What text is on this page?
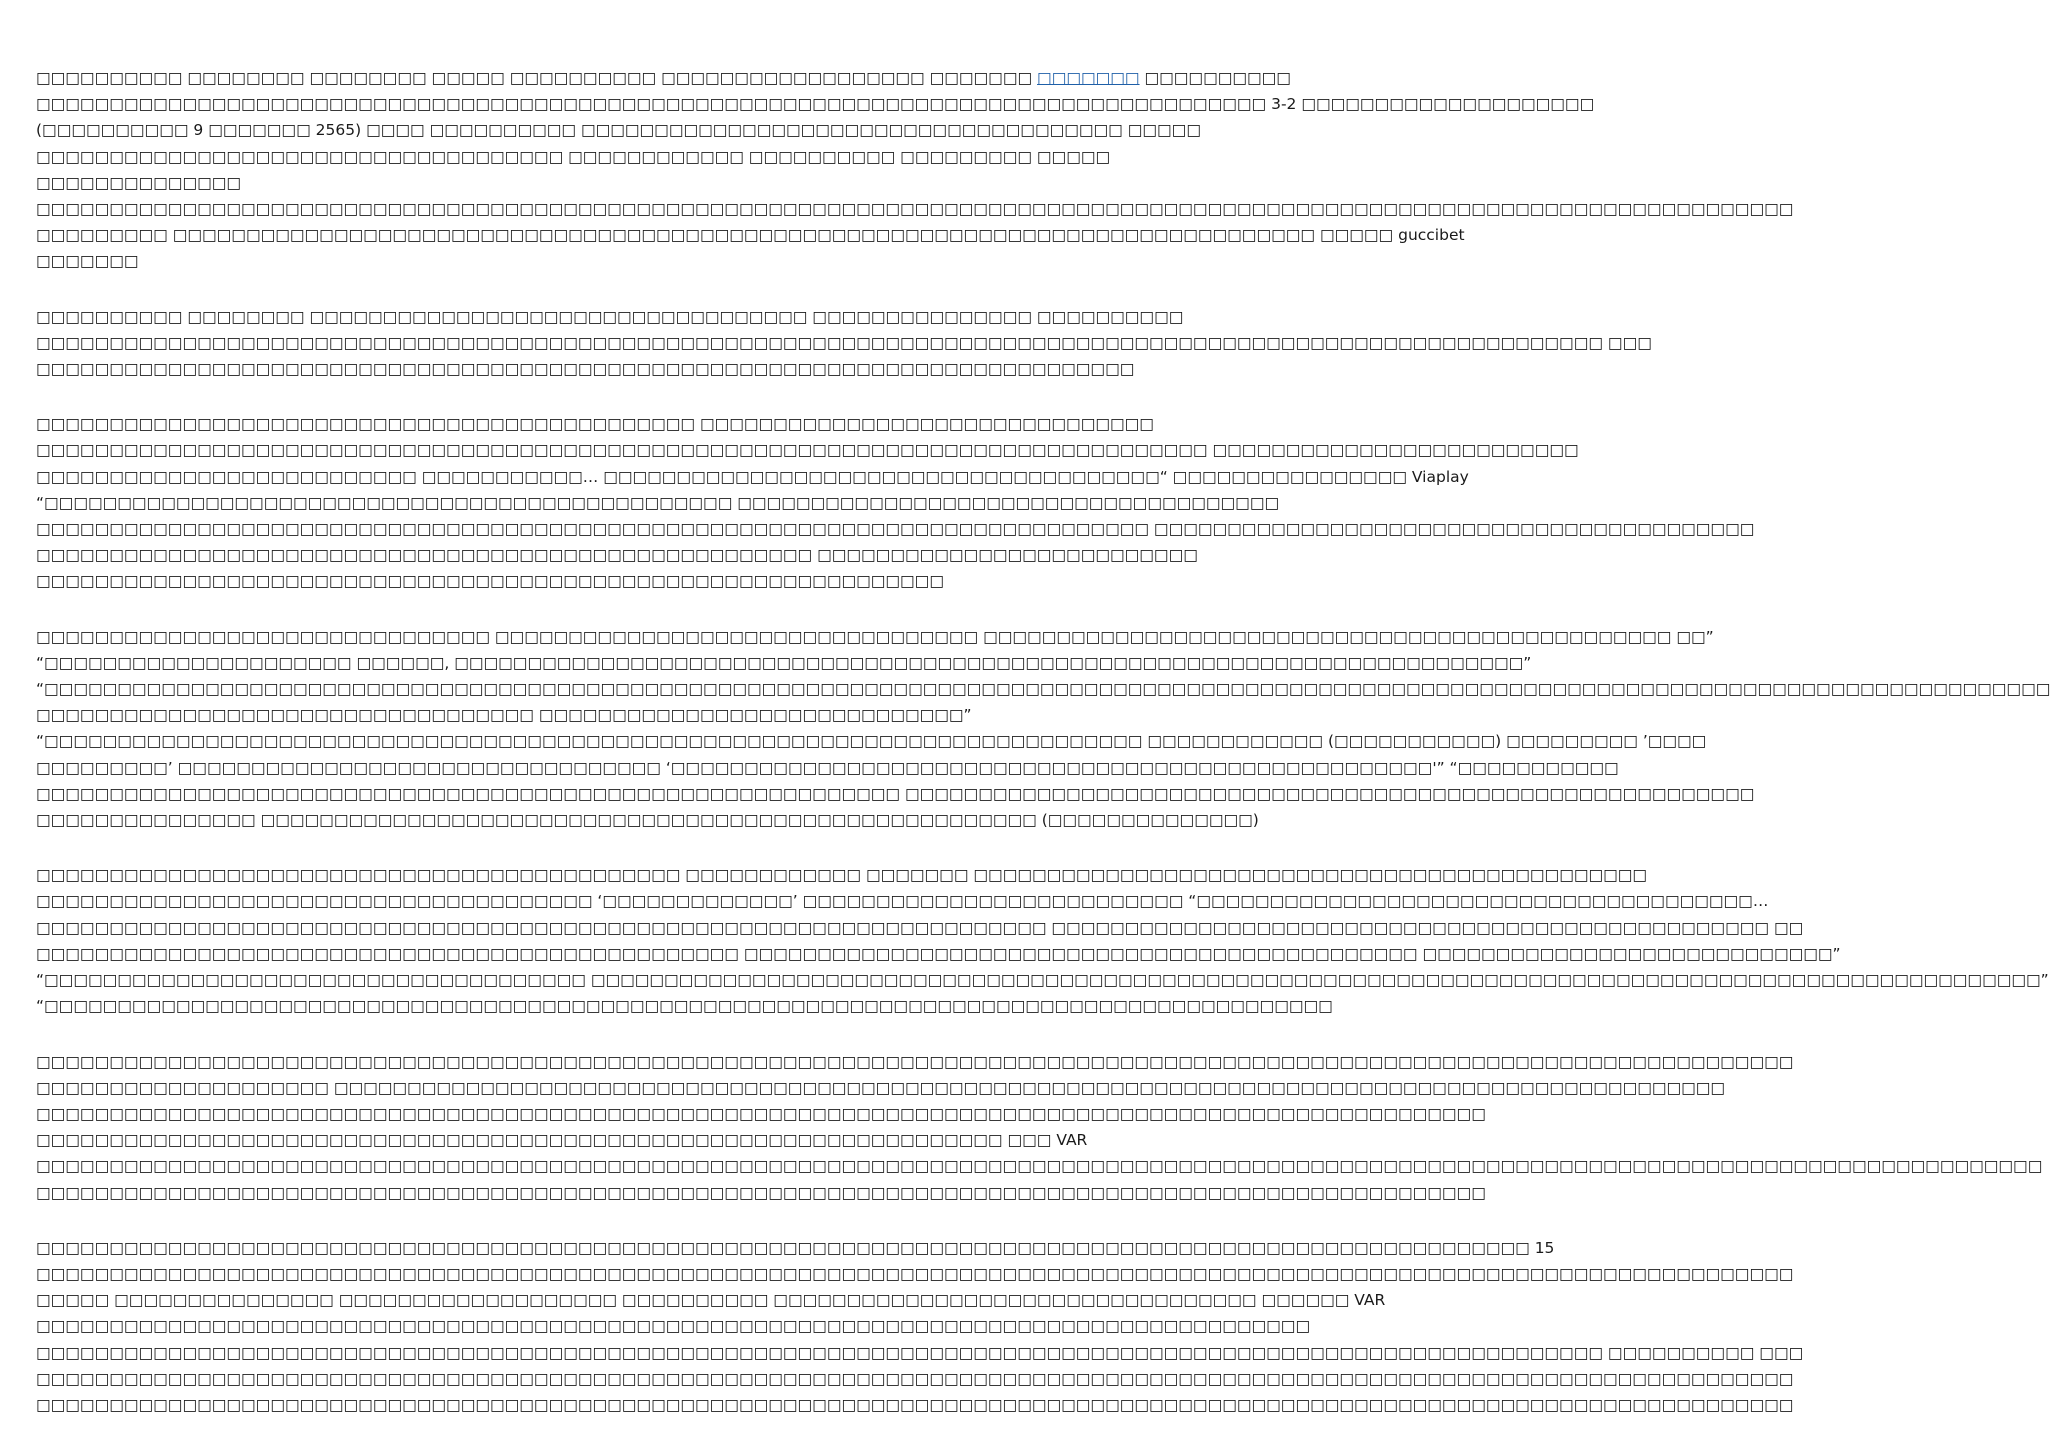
□□□□□□□□□□ □□□□□□□□ □□□□□□□□ □□□□□ □□□□□□□□□□ □□□□□□□□□□□□□□□□□□ □□□□□□□ □□□□□□□ □□□□□□□□□□
□□□□□□□□□□□□□□□□□□□□□□□□□□□□□□□□□□□□□□□□□□□□□□□□□□□□□□□□□□□□□□□□□□□□□□□□□□□□□□□□□□□□ 3-2 □□□□□□□□□□□□□□□□□□□□
(□□□□□□□□□□ 9 □□□□□□□ 2565) □□□□ □□□□□□□□□□ □□□□□□□□□□□□□□□□□□□□□□□□□□□□□□□□□□□□□ □□□□□
□□□□□□□□□□□□□□□□□□□□□□□□□□□□□□□□□□□□ □□□□□□□□□□□□ □□□□□□□□□□ □□□□□□□□□ □□□□□
□□□□□□□□□□□□□□
□□□□□□□□□□□□□□□□□□□□□□□□□□□□□□□□□□□□□□□□□□□□□□□□□□□□□□□□□□□□□□□□□□□□□□□□□□□□□□□□□□□□□□□□□□□□□□□□□□□□□□□□□□□□□□□□□□□□□□□□
□□□□□□□□□ □□□□□□□□□□□□□□□□□□□□□□□□□□□□□□□□□□□□□□□□□□□□□□□□□□□□□□□□□□□□□□□□□□□□□□□□□□□□□□ □□□□□ guccibet
□□□□□□□
□□□□□□□□□□ □□□□□□□□ □□□□□□□□□□□□□□□□□□□□□□□□□□□□□□□□□□ □□□□□□□□□□□□□□□ □□□□□□□□□□
□□□□□□□□□□□□□□□□□□□□□□□□□□□□□□□□□□□□□□□□□□□□□□□□□□□□□□□□□□□□□□□□□□□□□□□□□□□□□□□□□□□□□□□□□□□□□□□□□□□□□□□□□□□ □□□
□□□□□□□□□□□□□□□□□□□□□□□□□□□□□□□□□□□□□□□□□□□□□□□□□□□□□□□□□□□□□□□□□□□□□□□□□□□
□□□□□□□□□□□□□□□□□□□□□□□□□□□□□□□□□□□□□□□□□□□□□ □□□□□□□□□□□□□□□□□□□□□□□□□□□□□□□
□□□□□□□□□□□□□□□□□□□□□□□□□□□□□□□□□□□□□□□□□□□□□□□□□□□□□□□□□□□□□□□□□□□□□□□□□□□□□□□□ □□□□□□□□□□□□□□□□□□□□□□□□□
□□□□□□□□□□□□□□□□□□□□□□□□□□ □□□□□□□□□□□… □□□□□□□□□□□□□□□□□□□□□□□□□□□□□□□□□□□□□□“ □□□□□□□□□□□□□□□□ Viaplay
“□□□□□□□□□□□□□□□□□□□□□□□□□□□□□□□□□□□□□□□□□□□□□□□ □□□□□□□□□□□□□□□□□□□□□□□□□□□□□□□□□□□□□
□□□□□□□□□□□□□□□□□□□□□□□□□□□□□□□□□□□□□□□□□□□□□□□□□□□□□□□□□□□□□□□□□□□□□□□□□□□□ □□□□□□□□□□□□□□□□□□□□□□□□□□□□□□□□□□□□□□□□□
□□□□□□□□□□□□□□□□□□□□□□□□□□□□□□□□□□□□□□□□□□□□□□□□□□□□□ □□□□□□□□□□□□□□□□□□□□□□□□□□
□□□□□□□□□□□□□□□□□□□□□□□□□□□□□□□□□□□□□□□□□□□□□□□□□□□□□□□□□□□□□□
□□□□□□□□□□□□□□□□□□□□□□□□□□□□□□□ □□□□□□□□□□□□□□□□□□□□□□□□□□□□□□□□□ □□□□□□□□□□□□□□□□□□□□□□□□□□□□□□□□□□□□□□□□□□□□□□□ □□”
“□□□□□□□□□□□□□□□□□□□□□ □□□□□□, □□□□□□□□□□□□□□□□□□□□□□□□□□□□□□□□□□□□□□□□□□□□□□□□□□□□□□□□□□□□□□□□□□□□□□□□□”
“□□□□□□□□□□□□□□□□□□□□□□□□□□□□□□□□□□□□□□□□□□□□□□□□□□□□□□□□□□□□□□□□□□□□□□□□□□□□□□□□□□□□□□□□□□□□□□□□□□□□□□□□□□□□□□□□□□□□□□□□□□□□□□□□□□□□□□□□□
□□□□□□□□□□□□□□□□□□□□□□□□□□□□□□□□□□ □□□□□□□□□□□□□□□□□□□□□□□□□□□□□”
“□□□□□□□□□□□□□□□□□□□□□□□□□□□□□□□□□□□□□□□□□□□□□□□□□□□□□□□□□□□□□□□□□□□□□□□□□□□ □□□□□□□□□□□□ (□□□□□□□□□□□) □□□□□□□□□ ’□□□□
□□□□□□□□□’ □□□□□□□□□□□□□□□□□□□□□□□□□□□□□□□□□ ‘□□□□□□□□□□□□□□□□□□□□□□□□□□□□□□□□□□□□□□□□□□□□□□□□□□□□'” “□□□□□□□□□□□
□□□□□□□□□□□□□□□□□□□□□□□□□□□□□□□□□□□□□□□□□□□□□□□□□□□□□□□□□□□ □□□□□□□□□□□□□□□□□□□□□□□□□□□□□□□□□□□□□□□□□□□□□□□□□□□□□□□□□□
□□□□□□□□□□□□□□□ □□□□□□□□□□□□□□□□□□□□□□□□□□□□□□□□□□□□□□□□□□□□□□□□□□□□□ (□□□□□□□□□□□□□□)
□□□□□□□□□□□□□□□□□□□□□□□□□□□□□□□□□□□□□□□□□□□□ □□□□□□□□□□□□ □□□□□□□ □□□□□□□□□□□□□□□□□□□□□□□□□□□□□□□□□□□□□□□□□□□□□□
□□□□□□□□□□□□□□□□□□□□□□□□□□□□□□□□□□□□□□ ‘□□□□□□□□□□□□□’ □□□□□□□□□□□□□□□□□□□□□□□□□□ “□□□□□□□□□□□□□□□□□□□□□□□□□□□□□□□□□□□□□□…
□□□□□□□□□□□□□□□□□□□□□□□□□□□□□□□□□□□□□□□□□□□□□□□□□□□□□□□□□□□□□□□□□□□□□ □□□□□□□□□□□□□□□□□□□□□□□□□□□□□□□□□□□□□□□□□□□□□□□□□ □□
□□□□□□□□□□□□□□□□□□□□□□□□□□□□□□□□□□□□□□□□□□□□□□□□ □□□□□□□□□□□□□□□□□□□□□□□□□□□□□□□□□□□□□□□□□□□□□□ □□□□□□□□□□□□□□□□□□□□□□□□□□□□”
“□□□□□□□□□□□□□□□□□□□□□□□□□□□□□□□□□□□□□ □□□□□□□□□□□□□□□□□□□□□□□□□□□□□□□□□□□□□□□□□□□□□□□□□□□□□□□□□□□□□□□□□□□□□□□□□□□□□□□□□□□□□□□□□□□□□□□□□□□”
“□□□□□□□□□□□□□□□□□□□□□□□□□□□□□□□□□□□□□□□□□□□□□□□□□□□□□□□□□□□□□□□□□□□□□□□□□□□□□□□□□□□□□□□□
□□□□□□□□□□□□□□□□□□□□□□□□□□□□□□□□□□□□□□□□□□□□□□□□□□□□□□□□□□□□□□□□□□□□□□□□□□□□□□□□□□□□□□□□□□□□□□□□□□□□□□□□□□□□□□□□□□□□□□□□
□□□□□□□□□□□□□□□□□□□□ □□□□□□□□□□□□□□□□□□□□□□□□□□□□□□□□□□□□□□□□□□□□□□□□□□□□□□□□□□□□□□□□□□□□□□□□□□□□□□□□□□□□□□□□□□□□□□□
□□□□□□□□□□□□□□□□□□□□□□□□□□□□□□□□□□□□□□□□□□□□□□□□□□□□□□□□□□□□□□□□□□□□□□□□□□□□□□□□□□□□□□□□□□□□□□□□□□□
□□□□□□□□□□□□□□□□□□□□□□□□□□□□□□□□□□□□□□□□□□□□□□□□□□□□□□□□□□□□□□□□□□ □□□ VAR
□□□□□□□□□□□□□□□□□□□□□□□□□□□□□□□□□□□□□□□□□□□□□□□□□□□□□□□□□□□□□□□□□□□□□□□□□□□□□□□□□□□□□□□□□□□□□□□□□□□□□□□□□□□□□□□□□□□□□□□□□□□□□□□□□□□□□□□□□
□□□□□□□□□□□□□□□□□□□□□□□□□□□□□□□□□□□□□□□□□□□□□□□□□□□□□□□□□□□□□□□□□□□□□□□□□□□□□□□□□□□□□□□□□□□□□□□□□□□
□□□□□□□□□□□□□□□□□□□□□□□□□□□□□□□□□□□□□□□□□□□□□□□□□□□□□□□□□□□□□□□□□□□□□□□□□□□□□□□□□□□□□□□□□□□□□□□□□□□□□□ 15
□□□□□□□□□□□□□□□□□□□□□□□□□□□□□□□□□□□□□□□□□□□□□□□□□□□□□□□□□□□□□□□□□□□□□□□□□□□□□□□□□□□□□□□□□□□□□□□□□□□□□□□□□□□□□□□□□□□□□□□□
□□□□□ □□□□□□□□□□□□□□□ □□□□□□□□□□□□□□□□□□□ □□□□□□□□□□ □□□□□□□□□□□□□□□□□□□□□□□□□□□□□□□□□ □□□□□□ VAR
□□□□□□□□□□□□□□□□□□□□□□□□□□□□□□□□□□□□□□□□□□□□□□□□□□□□□□□□□□□□□□□□□□□□□□□□□□□□□□□□□□□□□□□
□□□□□□□□□□□□□□□□□□□□□□□□□□□□□□□□□□□□□□□□□□□□□□□□□□□□□□□□□□□□□□□□□□□□□□□□□□□□□□□□□□□□□□□□□□□□□□□□□□□□□□□□□□□ □□□□□□□□□□ □□□
□□□□□□□□□□□□□□□□□□□□□□□□□□□□□□□□□□□□□□□□□□□□□□□□□□□□□□□□□□□□□□□□□□□□□□□□□□□□□□□□□□□□□□□□□□□□□□□□□□□□□□□□□□□□□□□□□□□□□□□□
□□□□□□□□□□□□□□□□□□□□□□□□□□□□□□□□□□□□□□□□□□□□□□□□□□□□□□□□□□□□□□□□□□□□□□□□□□□□□□□□□□□□□□□□□□□□□□□□□□□□□□□□□□□□□□□□□□□□□□□□
